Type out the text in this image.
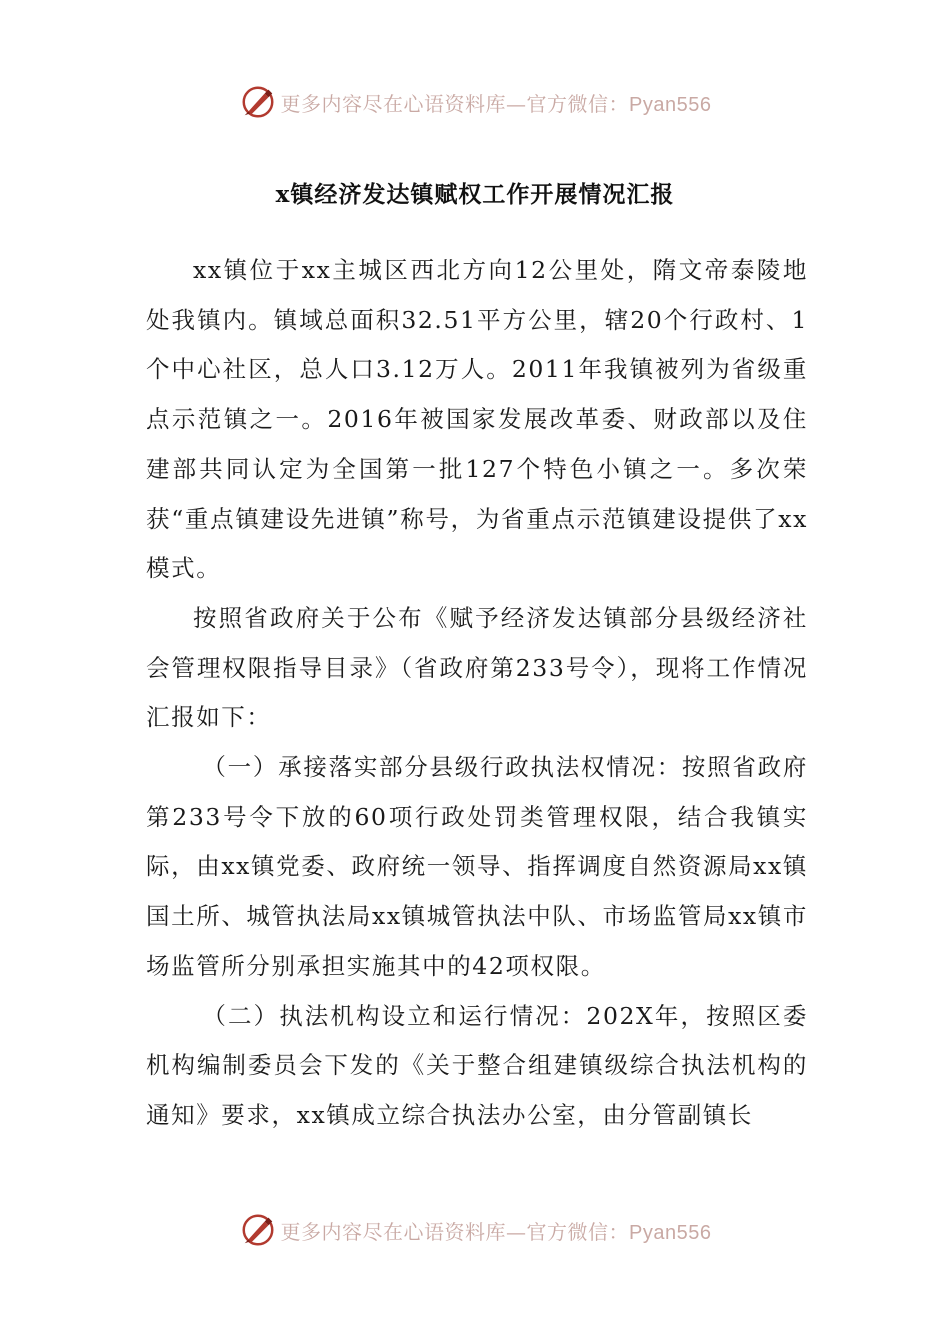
更多内容尽在心语资料库—官方微信：Pyan556
x镇经济发达镇赋权工作开展情况汇报

xx镇位于xx主城区西北方向12公里处，隋文帝泰陵地处我镇内。镇域总面积32.51平方公里，辖20个行政村、1个中心社区，总人口3.12万人。2011年我镇被列为省级重点示范镇之一。2016年被国家发展改革委、财政部以及住建部共同认定为全国第一批127个特色小镇之一。多次荣获“重点镇建设先进镇”称号，为省重点示范镇建设提供了xx模式。

按照省政府关于公布《赋予经济发达镇部分县级经济社会管理权限指导目录》（省政府第233号令），现将工作情况汇报如下：

（一）承接落实部分县级行政执法权情况：按照省政府第233号令下放的60项行政处罚类管理权限，结合我镇实际，由xx镇党委、政府统一领导、指挥调度自然资源局xx镇国土所、城管执法局xx镇城管执法中队、市场监管局xx镇市场监管所分别承担实施其中的42项权限。

（二）执法机构设立和运行情况：202X年，按照区委机构编制委员会下发的《关于整合组建镇级综合执法机构的通知》要求，xx镇成立综合执法办公室，由分管副镇长

更多内容尽在心语资料库—官方微信：Pyan556
